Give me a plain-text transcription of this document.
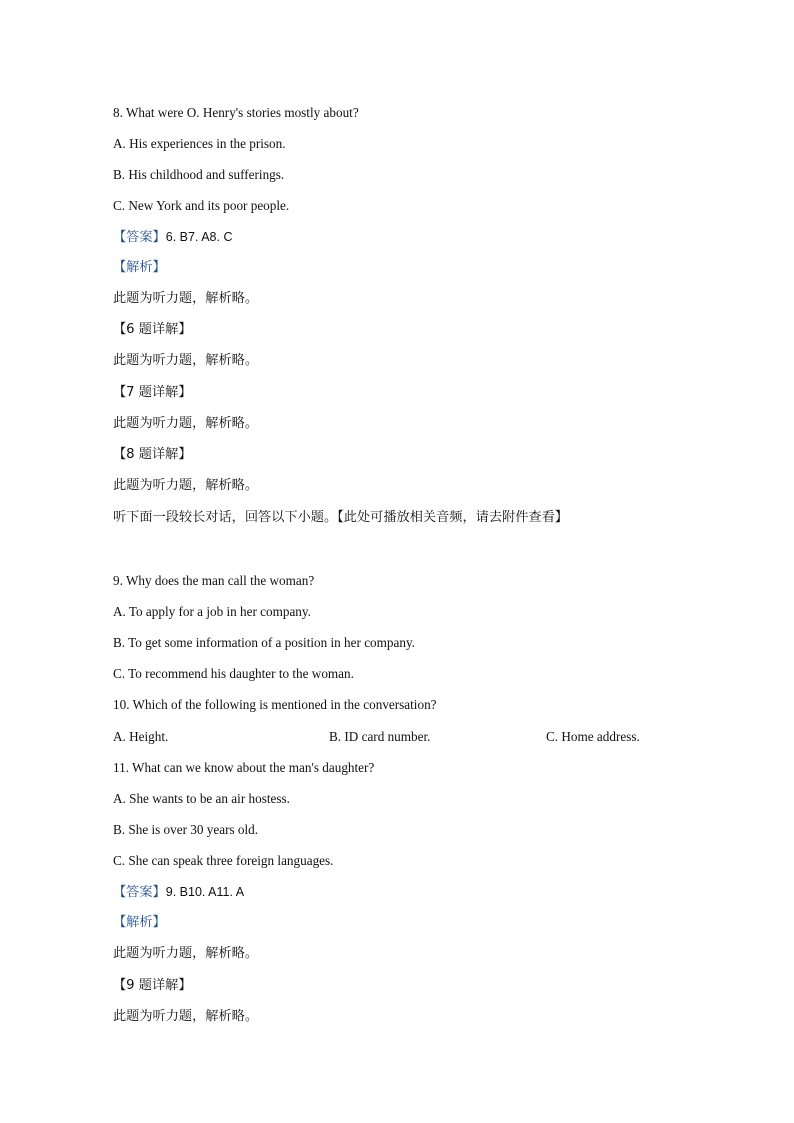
8. What were O. Henry's stories mostly about?
A. His experiences in the prison.
B. His childhood and sufferings.
C. New York and its poor people.
【答案】6. B7. A8. C
【解析】
此题为听力题，解析略。
【6 题详解】
此题为听力题，解析略。
【7 题详解】
此题为听力题，解析略。
【8 题详解】
此题为听力题，解析略。
听下面一段较长对话，回答以下小题。【此处可播放相关音频，请去附件查看】
9. Why does the man call the woman?
A. To apply for a job in her company.
B. To get some information of a position in her company.
C. To recommend his daughter to the woman.
10. Which of the following is mentioned in the conversation?
A. Height.	B. ID card number.	C. Home address.
11. What can we know about the man's daughter?
A. She wants to be an air hostess.
B. She is over 30 years old.
C. She can speak three foreign languages.
【答案】9. B10. A11. A
【解析】
此题为听力题，解析略。
【9 题详解】
此题为听力题，解析略。
